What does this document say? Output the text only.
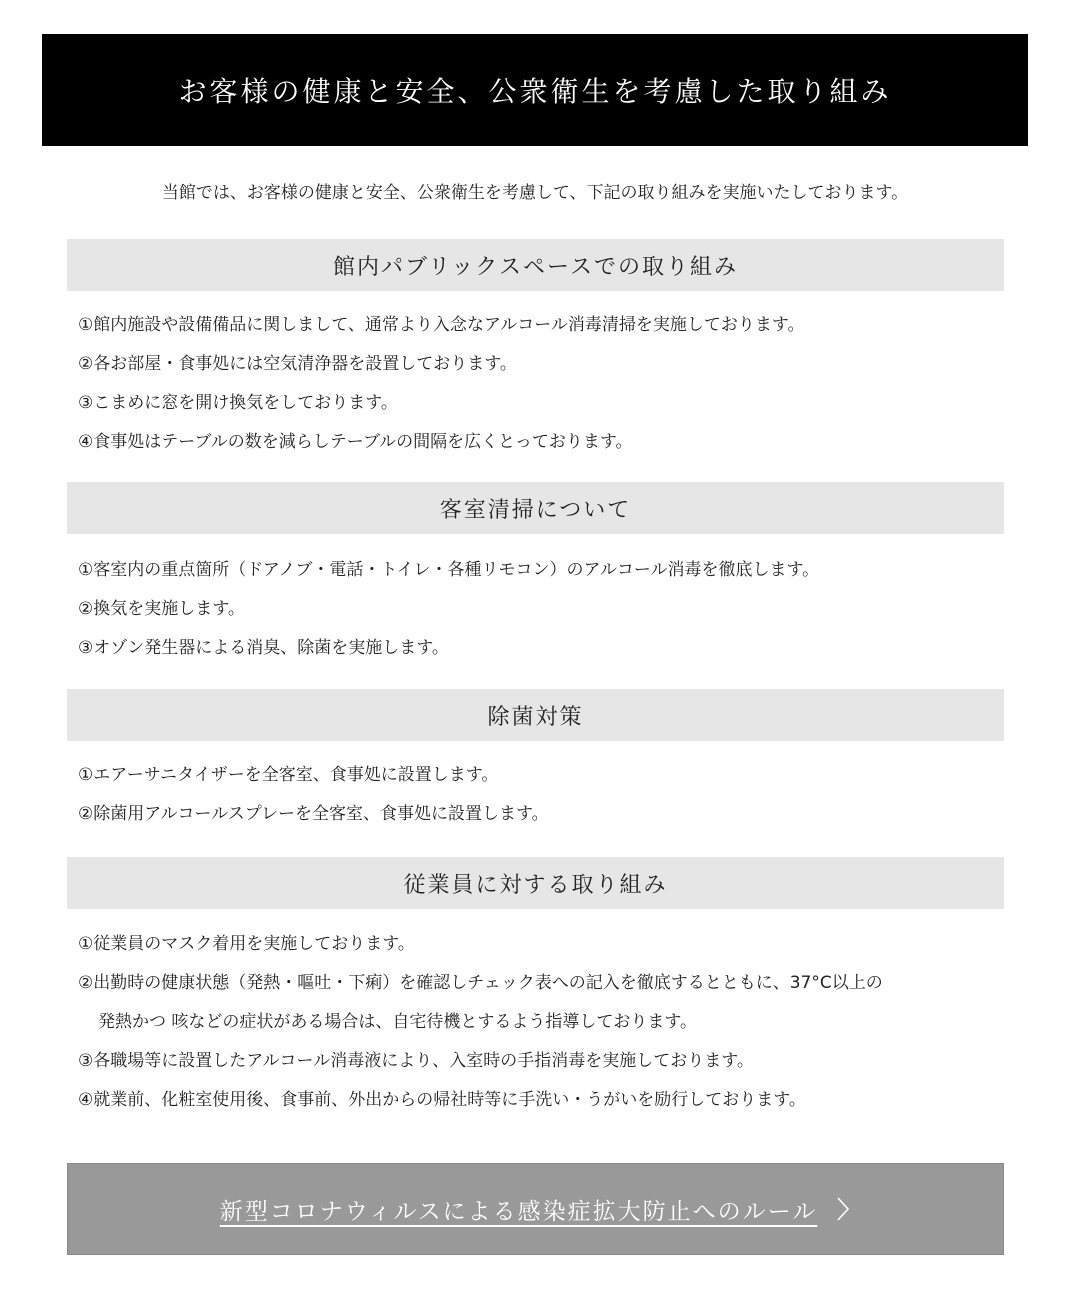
お客様の健康と安全、公衆衛生を考慮した取り組み
当館では、お客様の健康と安全、公衆衛生を考慮して、下記の取り組みを実施いたしております。
館内パブリックスペースでの取り組み
①館内施設や設備備品に関しまして、通常より入念なアルコール消毒清掃を実施しております。
②各お部屋・食事処には空気清浄器を設置しております。
③こまめに窓を開け換気をしております。
④食事処はテーブルの数を減らしテーブルの間隔を広くとっております。
客室清掃について
①客室内の重点箇所（ドアノブ・電話・トイレ・各種リモコン）のアルコール消毒を徹底します。
②換気を実施します。
③オゾン発生器による消臭、除菌を実施します。
除菌対策
①エアーサニタイザーを全客室、食事処に設置します。
②除菌用アルコールスプレーを全客室、食事処に設置します。
従業員に対する取り組み
①従業員のマスク着用を実施しております。
②出勤時の健康状態（発熱・嘔吐・下痢）を確認しチェック表への記入を徹底するとともに、37°C以上の
発熱かつ 咳などの症状がある場合は、自宅待機とするよう指導しております。
③各職場等に設置したアルコール消毒液により、入室時の手指消毒を実施しております。
④就業前、化粧室使用後、食事前、外出からの帰社時等に手洗い・うがいを励行しております。
新型コロナウィルスによる感染症拡大防止へのルール
